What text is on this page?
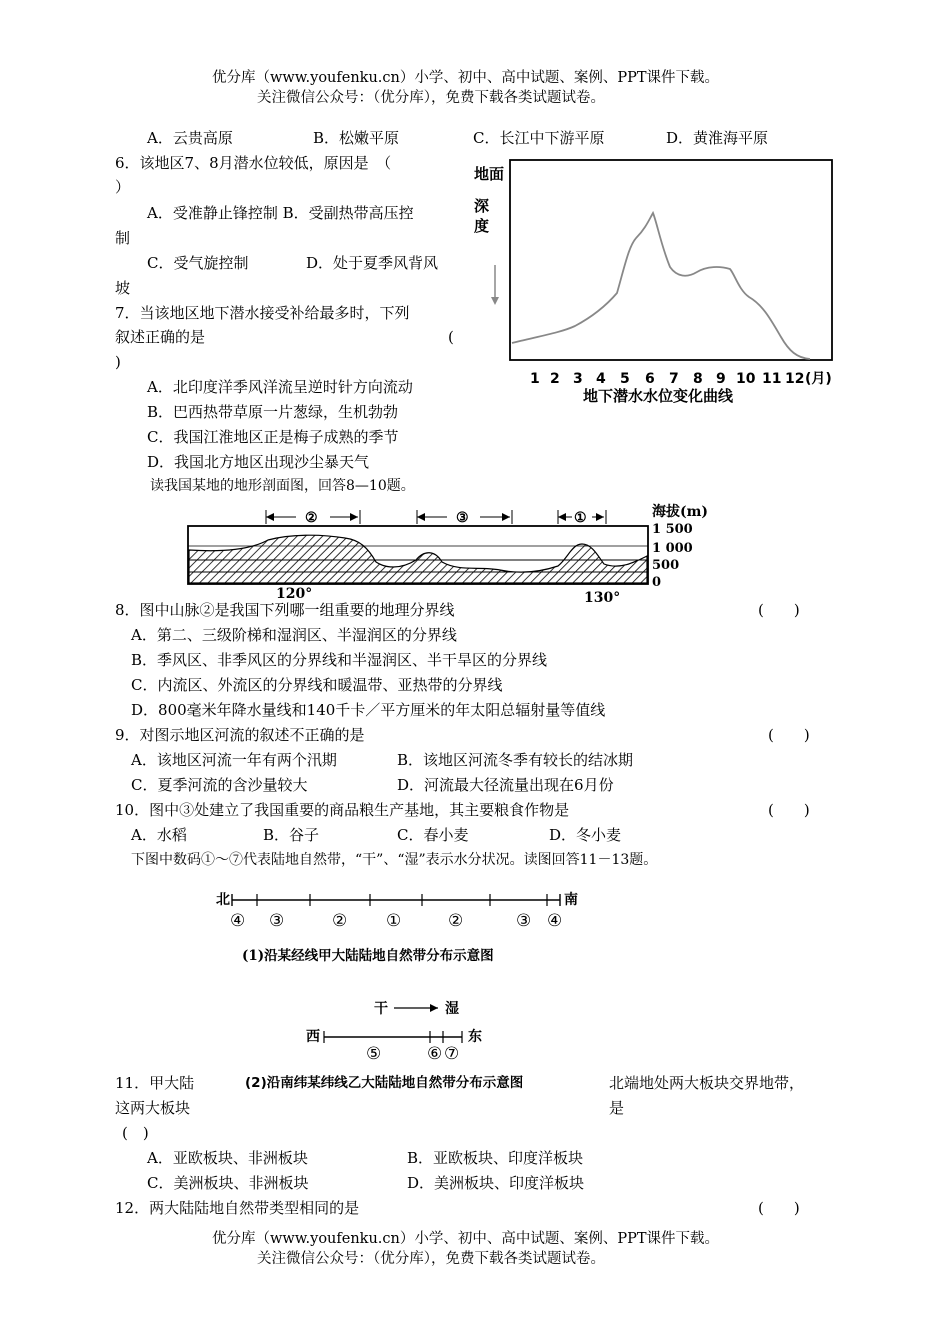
优分库（www.youfenku.cn）小学、初中、高中试题、案例、PPT课件下载。
关注微信公众号：（优分库），免费下载各类试题试卷。
A．云贵高原	B．松嫩平原	C．长江中下游平原	D．黄淮海平原
6．该地区7、8月潜水位较低，原因是　（
）
A．受准静止锋控制 B．受副热带高压控
制
C．受气旋控制	D．处于夏季风背风
坡
7．当该地区地下潜水接受补给最多时，下列
叙述正确的是	(
)
A．北印度洋季风洋流呈逆时针方向流动
B．巴西热带草原一片葱绿，生机勃勃
C．我国江淮地区正是梅子成熟的季节
D．我国北方地区出现沙尘暴天气
地面
深
度
1 2 3 4 5 6 7 8 9 10 11 12 (月)
地下潜水水位变化曲线
读我国某地的地形剖面图，回答8—10题。
②	③	①	海拔(m)
1 500
1 000
500
0
120°	130°
8．图中山脉②是我国下列哪一组重要的地理分界线	(　　)
A．第二、三级阶梯和湿润区、半湿润区的分界线
B．季风区、非季风区的分界线和半湿润区、半干旱区的分界线
C．内流区、外流区的分界线和暖温带、亚热带的分界线
D．800毫米年降水量线和140千卡／平方厘米的年太阳总辐射量等值线
9．对图示地区河流的叙述不正确的是	(　　)
A．该地区河流一年有两个汛期	B．该地区河流冬季有较长的结冰期
C．夏季河流的含沙量较大	D．河流最大径流量出现在6月份
10．图中③处建立了我国重要的商品粮生产基地，其主要粮食作物是	(　　)
A．水稻	B．谷子	C．春小麦	D．冬小麦
下图中数码①～⑦代表陆地自然带，“干”、“湿”表示水分状况。读图回答11－13题。
北	南
④ ③	② ①	②	③ ④
(1)沿某经线甲大陆陆地自然带分布示意图
干	湿
西	东
⑤	⑥ ⑦
(2)沿南纬某纬线乙大陆陆地自然带分布示意图
11．甲大陆
这两大板块
北端地处两大板块交界地带，
是
(　)
A．亚欧板块、非洲板块	B．亚欧板块、印度洋板块
C．美洲板块、非洲板块	D．美洲板块、印度洋板块
12．两大陆陆地自然带类型相同的是	(　　)
优分库（www.youfenku.cn）小学、初中、高中试题、案例、PPT课件下载。
关注微信公众号：（优分库），免费下载各类试题试卷。
